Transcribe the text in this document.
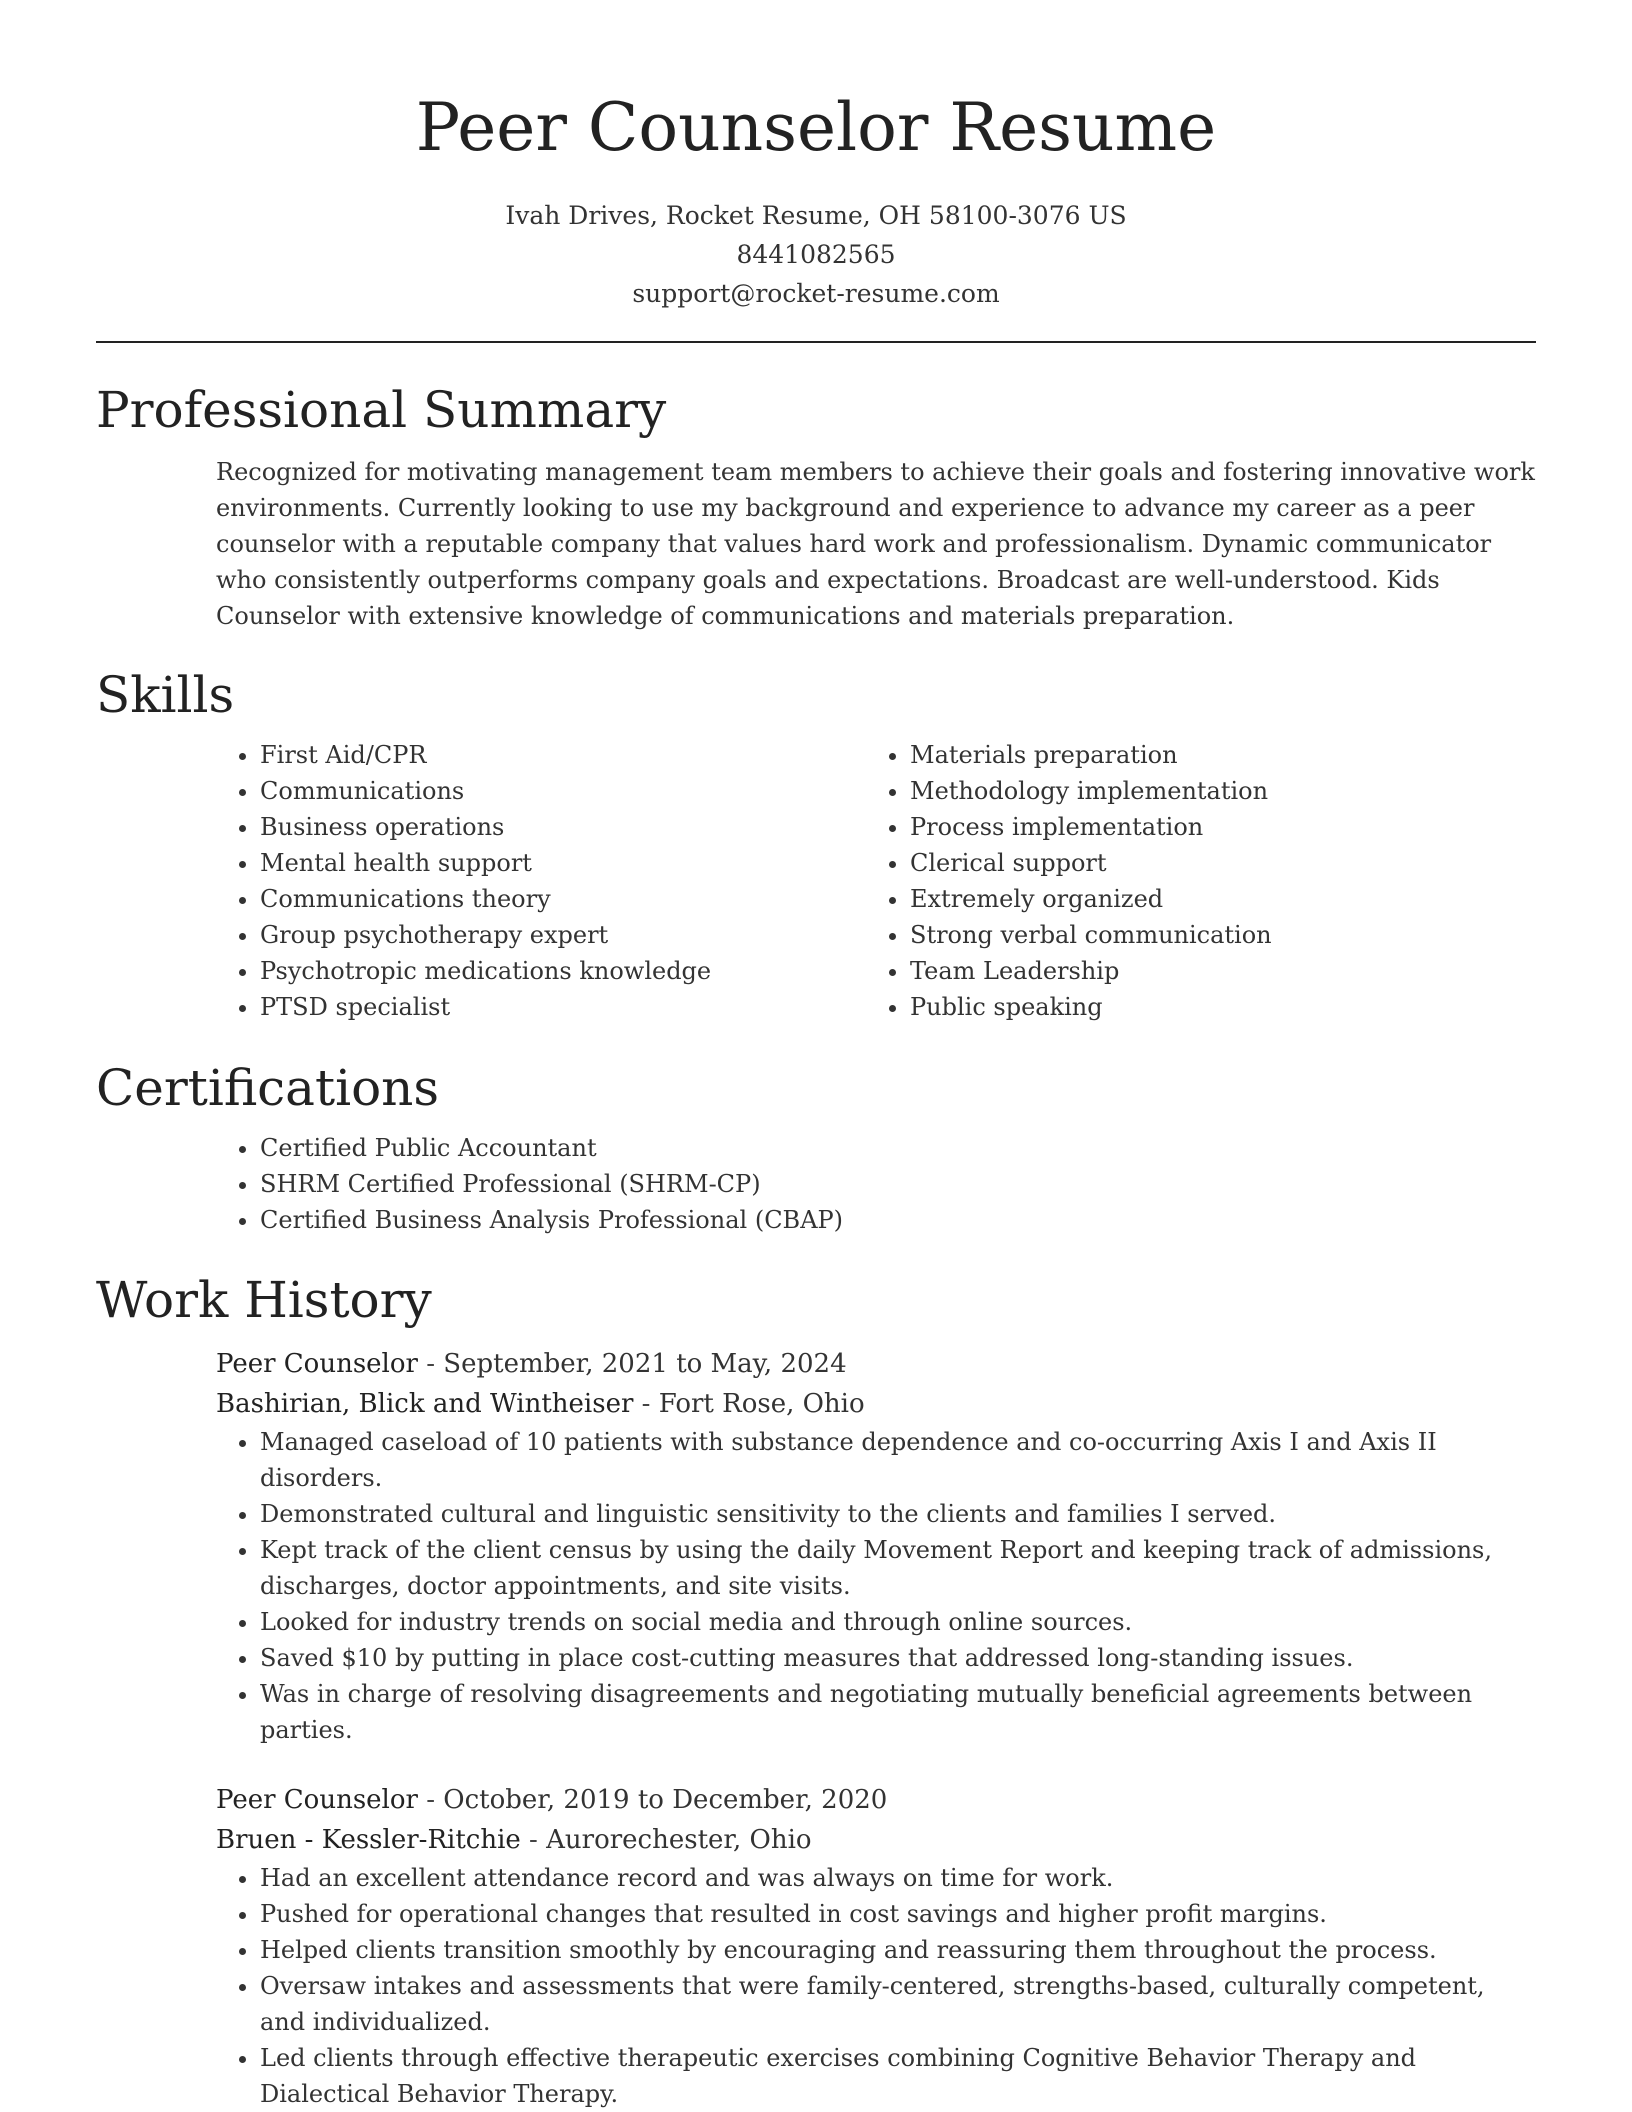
Peer Counselor Resume
Ivah Drives, Rocket Resume, OH 58100-3076 US
8441082565
support@rocket-resume.com
Professional Summary

Recognized for motivating management team members to achieve their goals and fostering innovative work environments. Currently looking to use my background and experience to advance my career as a peer counselor with a reputable company that values hard work and professionalism. Dynamic communicator who consistently outperforms company goals and expectations. Broadcast are well-understood. Kids Counselor with extensive knowledge of communications and materials preparation.

Skills
• First Aid/CPR
• Communications
• Business operations
• Mental health support
• Communications theory
• Group psychotherapy expert
• Psychotropic medications knowledge
• PTSD specialist
• Materials preparation
• Methodology implementation
• Process implementation
• Clerical support
• Extremely organized
• Strong verbal communication
• Team Leadership
• Public speaking
Certifications
• Certified Public Accountant
• SHRM Certified Professional (SHRM-CP)
• Certified Business Analysis Professional (CBAP)
Work History
Peer Counselor - September, 2021 to May, 2024
Bashirian, Blick and Wintheiser - Fort Rose, Ohio
• Managed caseload of 10 patients with substance dependence and co-occurring Axis I and Axis II disorders.
• Demonstrated cultural and linguistic sensitivity to the clients and families I served.
• Kept track of the client census by using the daily Movement Report and keeping track of admissions, discharges, doctor appointments, and site visits.
• Looked for industry trends on social media and through online sources.
• Saved $10 by putting in place cost-cutting measures that addressed long-standing issues.
• Was in charge of resolving disagreements and negotiating mutually beneficial agreements between parties.
Peer Counselor - October, 2019 to December, 2020
Bruen - Kessler-Ritchie - Aurorechester, Ohio
• Had an excellent attendance record and was always on time for work.
• Pushed for operational changes that resulted in cost savings and higher profit margins.
• Helped clients transition smoothly by encouraging and reassuring them throughout the process.
• Oversaw intakes and assessments that were family-centered, strengths-based, culturally competent, and individualized.
• Led clients through effective therapeutic exercises combining Cognitive Behavior Therapy and Dialectical Behavior Therapy.
